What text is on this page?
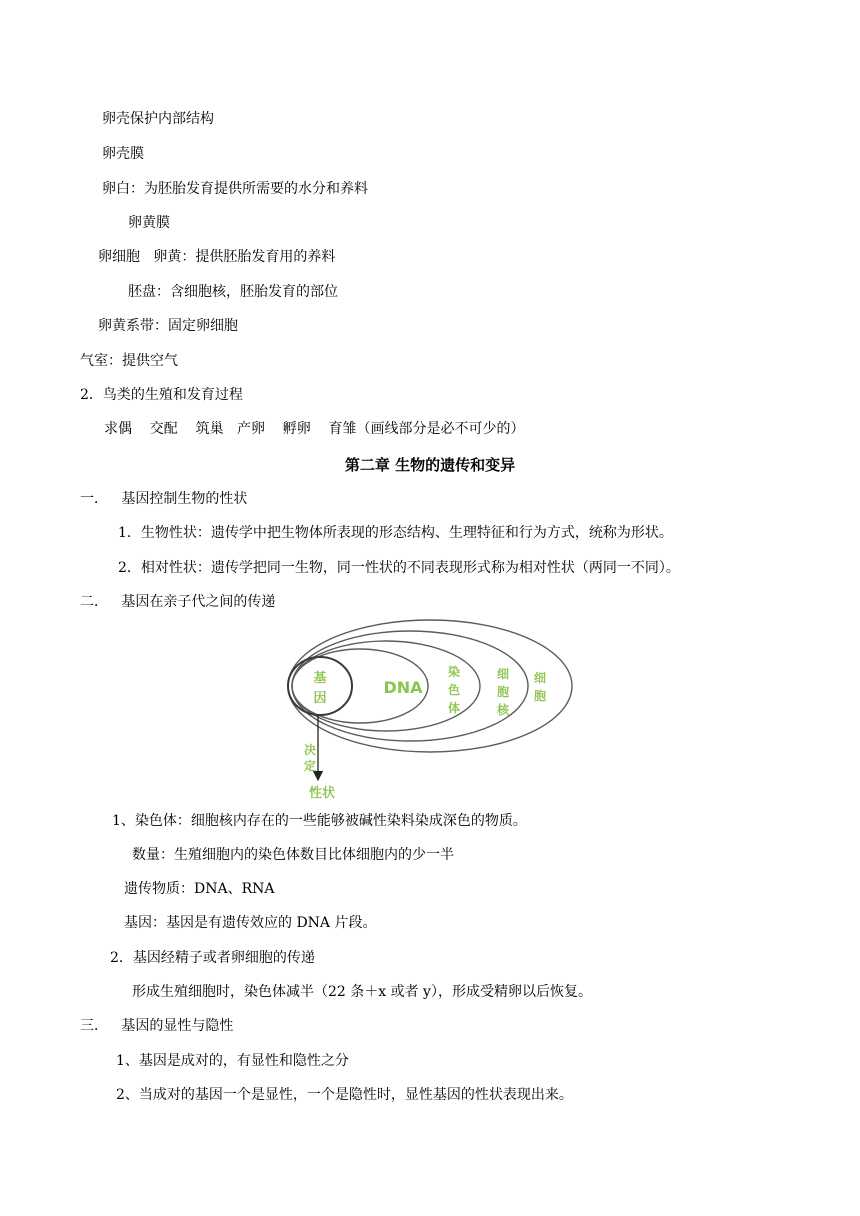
卵壳保护内部结构
卵壳膜
卵白：为胚胎发育提供所需要的水分和养料
卵黄膜
卵细胞   卵黄：提供胚胎发育用的养料
胚盘：含细胞核，胚胎发育的部位
卵黄系带：固定卵细胞
气室：提供空气
2．鸟类的生殖和发育过程
求偶    交配    筑巢   产卵    孵卵    育雏（画线部分是必不可少的）
第二章 生物的遗传和变异
一．   基因控制生物的性状
1．生物性状：遗传学中把生物体所表现的形态结构、生理特征和行为方式，统称为形状。
2．相对性状：遗传学把同一生物，同一性状的不同表现形式称为相对性状（两同一不同）。
二．   基因在亲子代之间的传递
基
因
DNA
染
色
体
细
胞
核
细
胞
决
定
性状
1、染色体：细胞核内存在的一些能够被碱性染料染成深色的物质。
数量：生殖细胞内的染色体数目比体细胞内的少一半
遗传物质：DNA、RNA
基因：基因是有遗传效应的 DNA 片段。
2．基因经精子或者卵细胞的传递
形成生殖细胞时，染色体减半（22 条＋x 或者 y），形成受精卵以后恢复。
三．   基因的显性与隐性
1、基因是成对的，有显性和隐性之分
2、当成对的基因一个是显性，一个是隐性时，显性基因的性状表现出来。
